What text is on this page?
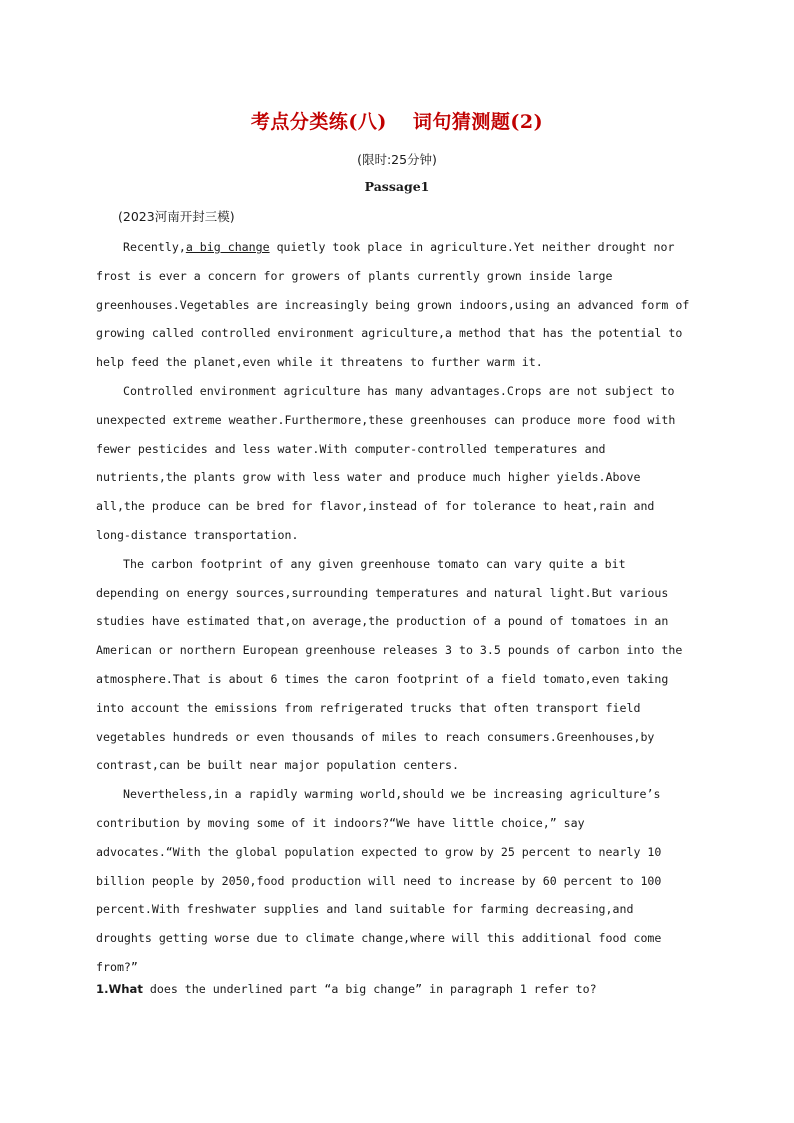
考点分类练(八) 词句猜测题(2)
(限时:25分钟)
Passage1
(2023河南开封三模)
Recently,a big change quietly took place in agriculture.Yet neither drought nor
frost is ever a concern for growers of plants currently grown inside large
greenhouses.Vegetables are increasingly being grown indoors,using an advanced form of
growing called controlled environment agriculture,a method that has the potential to
help feed the planet,even while it threatens to further warm it.
Controlled environment agriculture has many advantages.Crops are not subject to
unexpected extreme weather.Furthermore,these greenhouses can produce more food with
fewer pesticides and less water.With computer-controlled temperatures and
nutrients,the plants grow with less water and produce much higher yields.Above
all,the produce can be bred for flavor,instead of for tolerance to heat,rain and
long-distance transportation.
The carbon footprint of any given greenhouse tomato can vary quite a bit
depending on energy sources,surrounding temperatures and natural light.But various
studies have estimated that,on average,the production of a pound of tomatoes in an
American or northern European greenhouse releases 3 to 3.5 pounds of carbon into the
atmosphere.That is about 6 times the caron footprint of a field tomato,even taking
into account the emissions from refrigerated trucks that often transport field
vegetables hundreds or even thousands of miles to reach consumers.Greenhouses,by
contrast,can be built near major population centers.
Nevertheless,in a rapidly warming world,should we be increasing agriculture’s
contribution by moving some of it indoors?“We have little choice,” say
advocates.“With the global population expected to grow by 25 percent to nearly 10
billion people by 2050,food production will need to increase by 60 percent to 100
percent.With freshwater supplies and land suitable for farming decreasing,and
droughts getting worse due to climate change,where will this additional food come
from?”
1.What does the underlined part “a big change” in paragraph 1 refer to?
